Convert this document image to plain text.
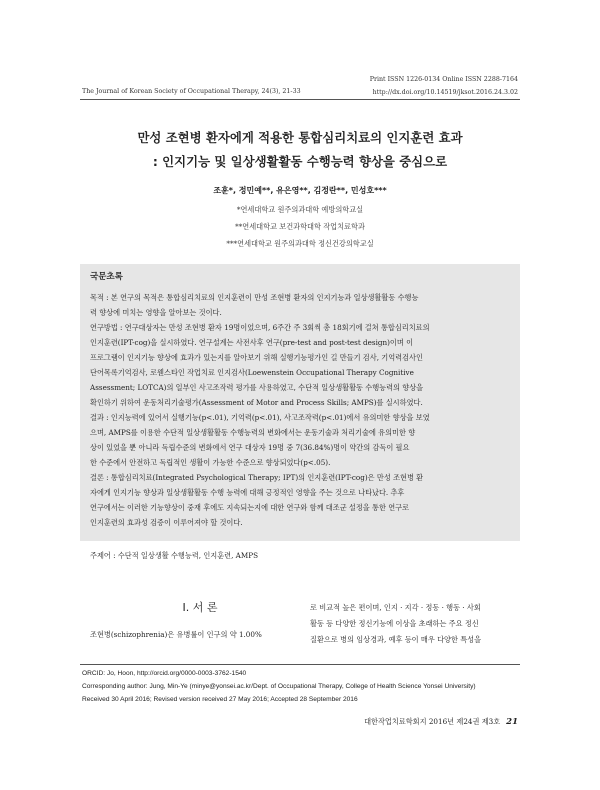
The Journal of Korean Society of Occupational Therapy, 24(3), 21-33
Print ISSN 1226-0134 Online ISSN 2288-7164
http://dx.doi.org/10.14519/jksot.2016.24.3.02
만성 조현병 환자에게 적용한 통합심리치료의 인지훈련 효과
: 인지기능 및 일상생활활동 수행능력 향상을 중심으로
조훈*, 정민예**, 유은영**, 김정란**, 민성호***
*연세대학교 원주의과대학 예방의학교실
**연세대학교 보건과학대학 작업치료학과
***연세대학교 원주의과대학 정신건강의학교실
국문초록
목적 : 본 연구의 목적은 통합심리치료의 인지훈련이 만성 조현병 환자의 인지기능과 일상생활활동 수행능
력 향상에 미치는 영향을 알아보는 것이다.
연구방법 : 연구대상자는 만성 조현병 환자 19명이었으며, 6주간 주 3회씩 총 18회기에 걸쳐 통합심리치료의
인지훈련(IPT-cog)을 실시하였다. 연구설계는 사전사후 연구(pre-test and post-test design)이며 이
프로그램이 인지기능 향상에 효과가 있는지를 알아보기 위해 실행기능평가인 길 만들기 검사, 기억력검사인
단어목록기억검사, 로웬스타인 작업치료 인지검사(Loewenstein Occupational Therapy Cognitive
Assessment; LOTCA)의 일부인 사고조작력 평가를 사용하였고, 수단적 일상생활활동 수행능력의 향상을
확인하기 위하여 운동처리기술평가(Assessment of Motor and Process Skills; AMPS)를 실시하였다.
결과 : 인지능력에 있어서 실행기능(p<.01), 기억력(p<.01), 사고조작력(p<.01)에서 유의미한 향상을 보였
으며, AMPS를 이용한 수단적 일상생활활동 수행능력의 변화에서는 운동기술과 처리기술에 유의미한 향
상이 있었을 뿐 아니라 독립수준의 변화에서 연구 대상자 19명 중 7(36.84%)명이 약간의 감독이 필요
한 수준에서 안전하고 독립적인 생활이 가능한 수준으로 향상되었다(p<.05).
결론 : 통합심리치료(Integrated Psychological Therapy; IPT)의 인지훈련(IPT-cog)은 만성 조현병 환
자에게 인지기능 향상과 일상생활활동 수행 능력에 대해 긍정적인 영향을 주는 것으로 나타났다. 추후
연구에서는 이러한 기능향상이 중재 후에도 지속되는지에 대한 연구와 함께 대조군 설정을 통한 연구로
인지훈련의 효과성 검증이 이루어져야 할 것이다.
주제어 : 수단적 일상생활 수행능력, 인지훈련, AMPS
Ⅰ. 서 론
조현병(schizophrenia)은 유병률이 인구의 약 1.00%
로 비교적 높은 편이며, 인지 · 지각 · 정동 · 행동 · 사회
활동 등 다양한 정신기능에 이상을 초래하는 주요 정신
질환으로 병의 임상경과, 예후 등이 매우 다양한 특성을
ORCID: Jo, Hoon, http://orcid.org/0000-0003-3762-1540
Corresponding author: Jung, Min-Ye (minye@yonsei.ac.kr/Dept. of Occupational Therapy, College of Health Science Yonsei University)
Received 30 April 2016; Revised version received 27 May 2016; Accepted 28 September 2016
대한작업치료학회지 2016년 제24권 제3호 21
